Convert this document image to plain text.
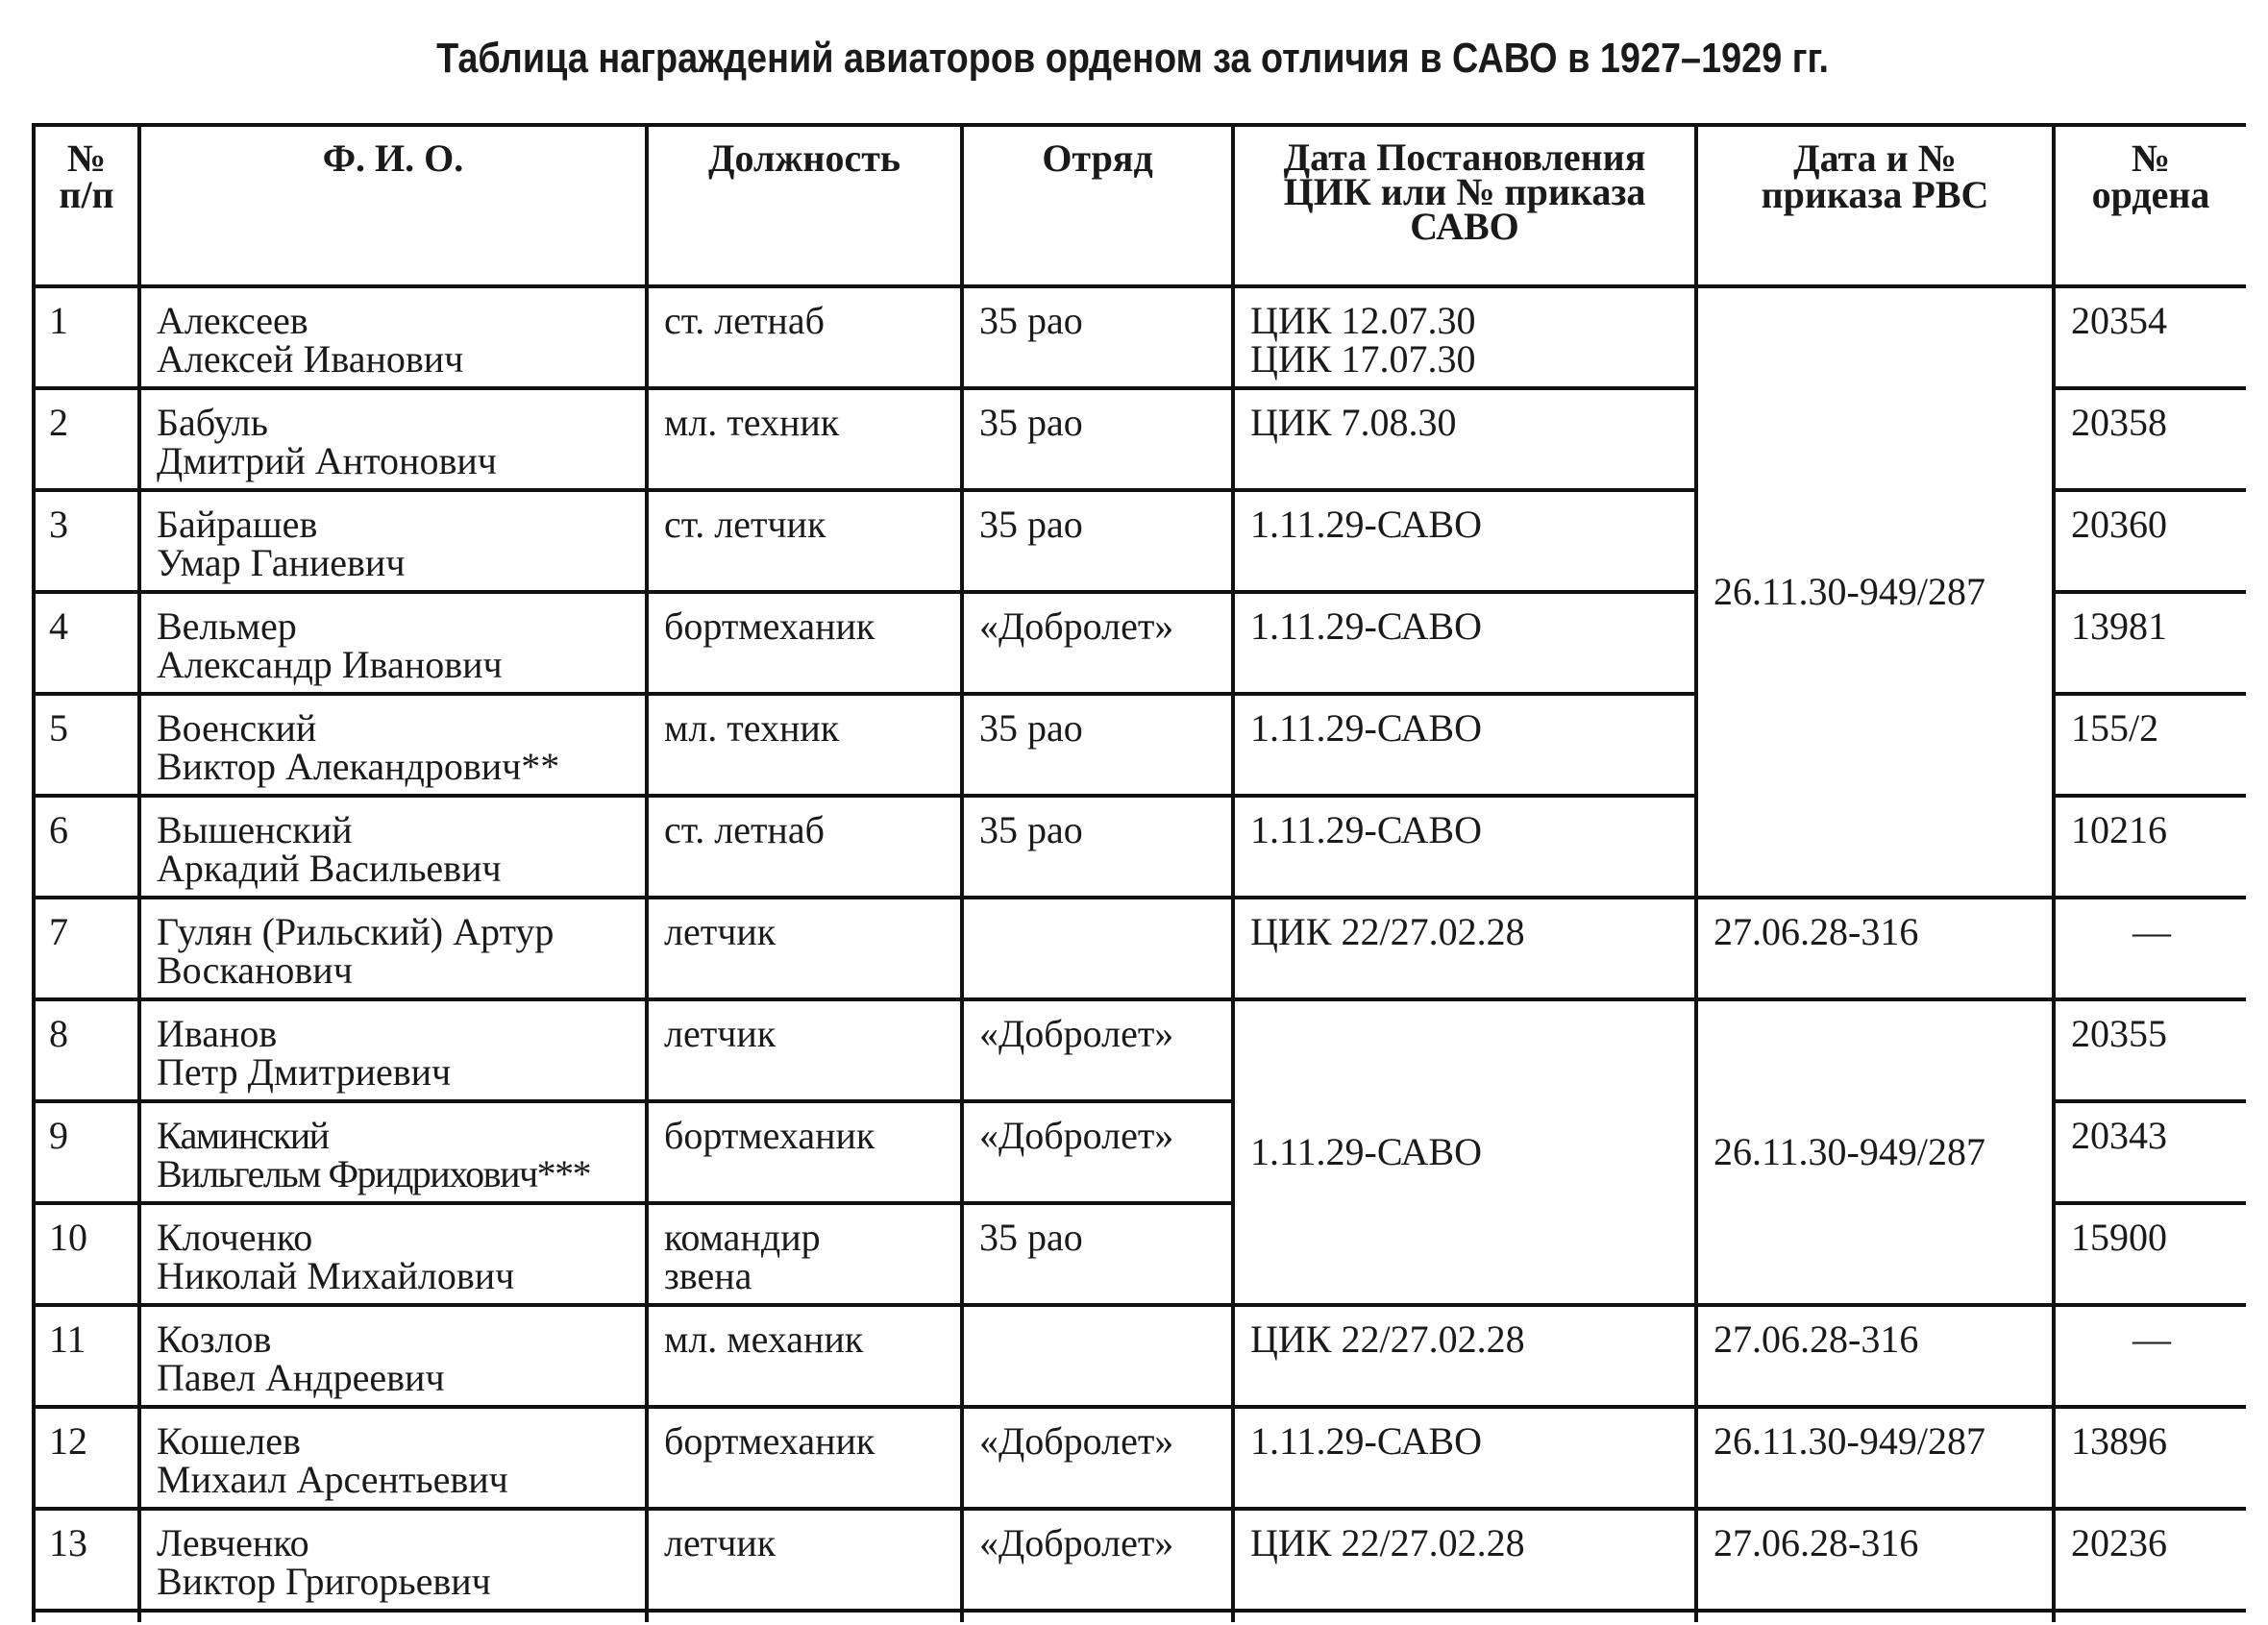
Таблица награждений авиаторов орденом за отличия в САВО в 1927–1929 гг.
№
п/п	Ф. И. О.	Должность	Отряд	Дата Постановления
ЦИК или № приказа
САВО	Дата и №
приказа РВС	№
ордена
1	Алексеев
Алексей Иванович	ст. летнаб	35 рао	ЦИК 12.07.30
ЦИК 17.07.30	26.11.30-949/287	20354
2	Бабуль
Дмитрий Антонович	мл. техник	35 рао	ЦИК 7.08.30		20358
3	Байрашев
Умар Ганиевич	ст. летчик	35 рао	1.11.29-САВО		20360
4	Вельмер
Александр Иванович	бортмеханик	«Добролет»	1.11.29-САВО		13981
5	Военский
Виктор Алекандрович**	мл. техник	35 рао	1.11.29-САВО		155/2
6	Вышенский
Аркадий Васильевич	ст. летнаб	35 рао	1.11.29-САВО		10216
7	Гулян (Рильский) Артур
Восканович	летчик		ЦИК 22/27.02.28	27.06.28-316	—
8	Иванов
Петр Дмитриевич	летчик	«Добролет»	1.11.29-САВО	26.11.30-949/287	20355
9	Каминский
Вильгельм Фридрихович***	бортмеханик	«Добролет»			20343
10	Клоченко
Николай Михайлович	командир
звена	35 рао			15900
11	Козлов
Павел Андреевич	мл. механик		ЦИК 22/27.02.28	27.06.28-316	—
12	Кошелев
Михаил Арсентьевич	бортмеханик	«Добролет»	1.11.29-САВО	26.11.30-949/287	13896
13	Левченко
Виктор Григорьевич	летчик	«Добролет»	ЦИК 22/27.02.28	27.06.28-316	20236
